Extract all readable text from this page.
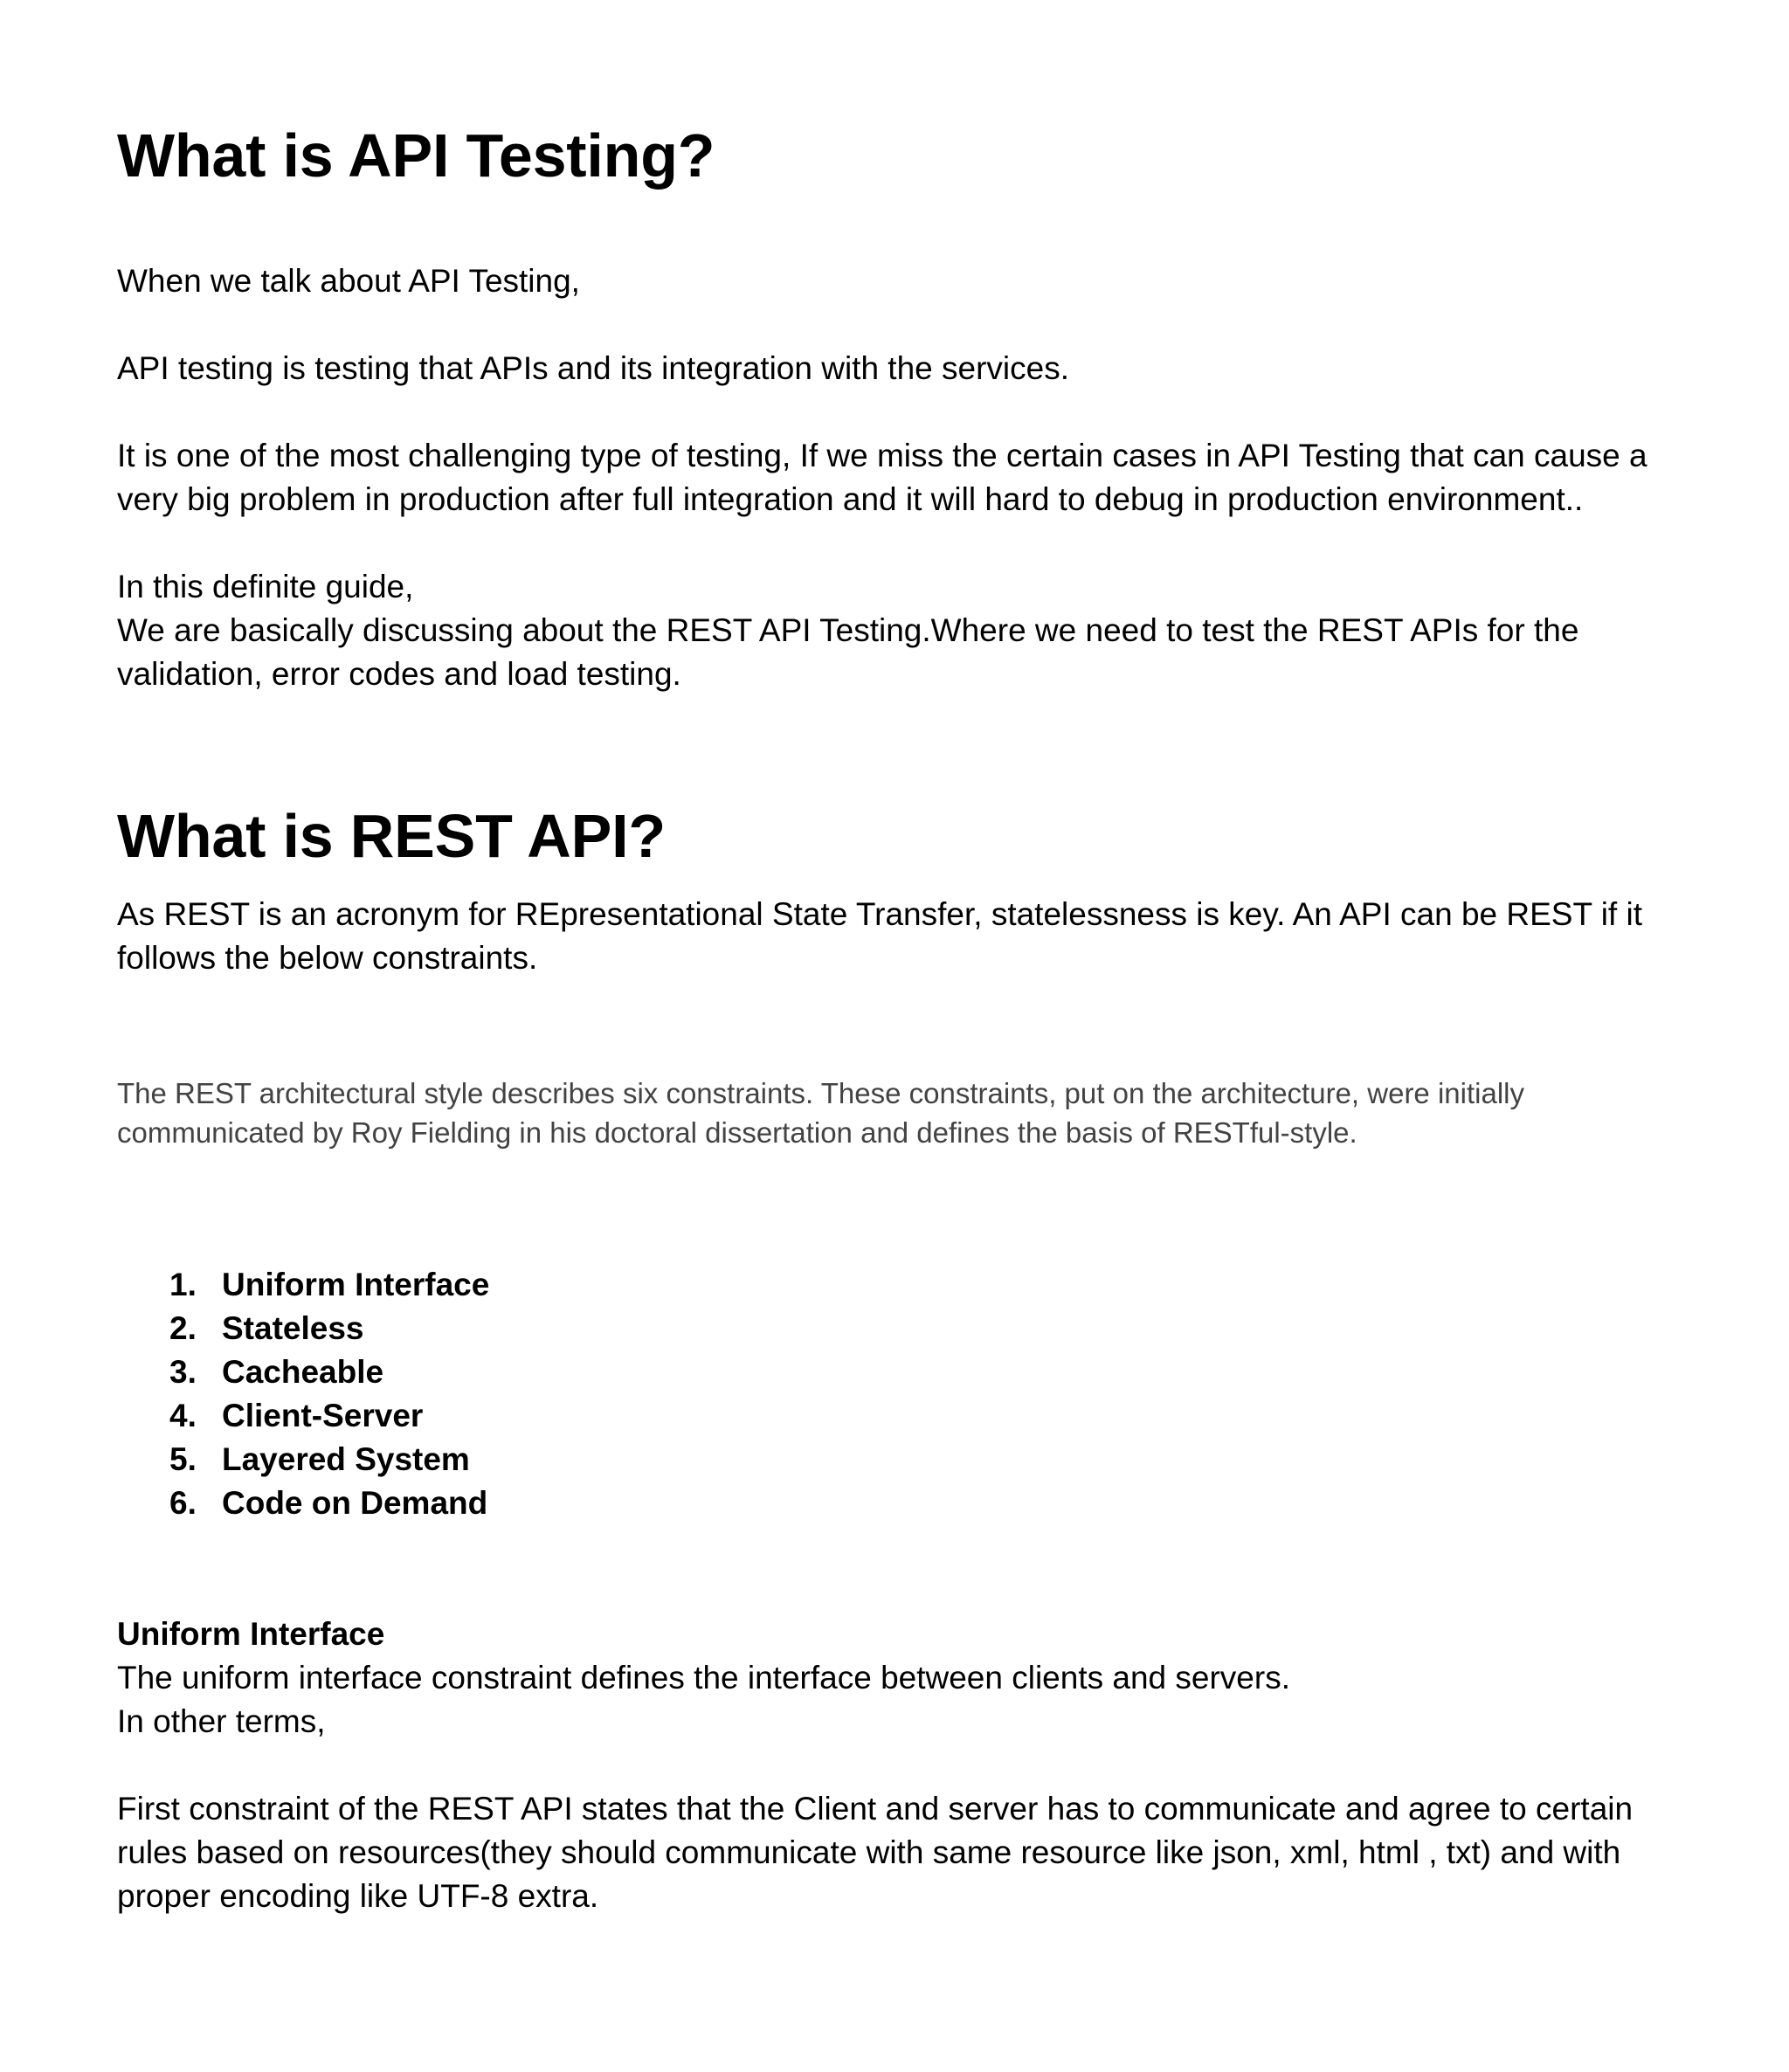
What is API Testing?

When we talk about API Testing,

API testing is testing that APIs and its integration with the services.

It is one of the most challenging type of testing, If we miss the certain cases in API Testing that can cause a
very big problem in production after full integration and it will hard to debug in production environment..

In this definite guide,
We are basically discussing about the REST API Testing.Where we need to test the REST APIs for the
validation, error codes and load testing.

What is REST API?

As REST is an acronym for REpresentational State Transfer, statelessness is key. An API can be REST if it
follows the below constraints.

The REST architectural style describes six constraints. These constraints, put on the architecture, were initially
communicated by Roy Fielding in his doctoral dissertation and defines the basis of RESTful-style.

1. Uniform Interface
2. Stateless
3. Cacheable
4. Client-Server
5. Layered System
6. Code on Demand

Uniform Interface
The uniform interface constraint defines the interface between clients and servers.
In other terms,

First constraint of the REST API states that the Client and server has to communicate and agree to certain
rules based on resources(they should communicate with same resource like json, xml, html , txt) and with
proper encoding like UTF-8 extra.
